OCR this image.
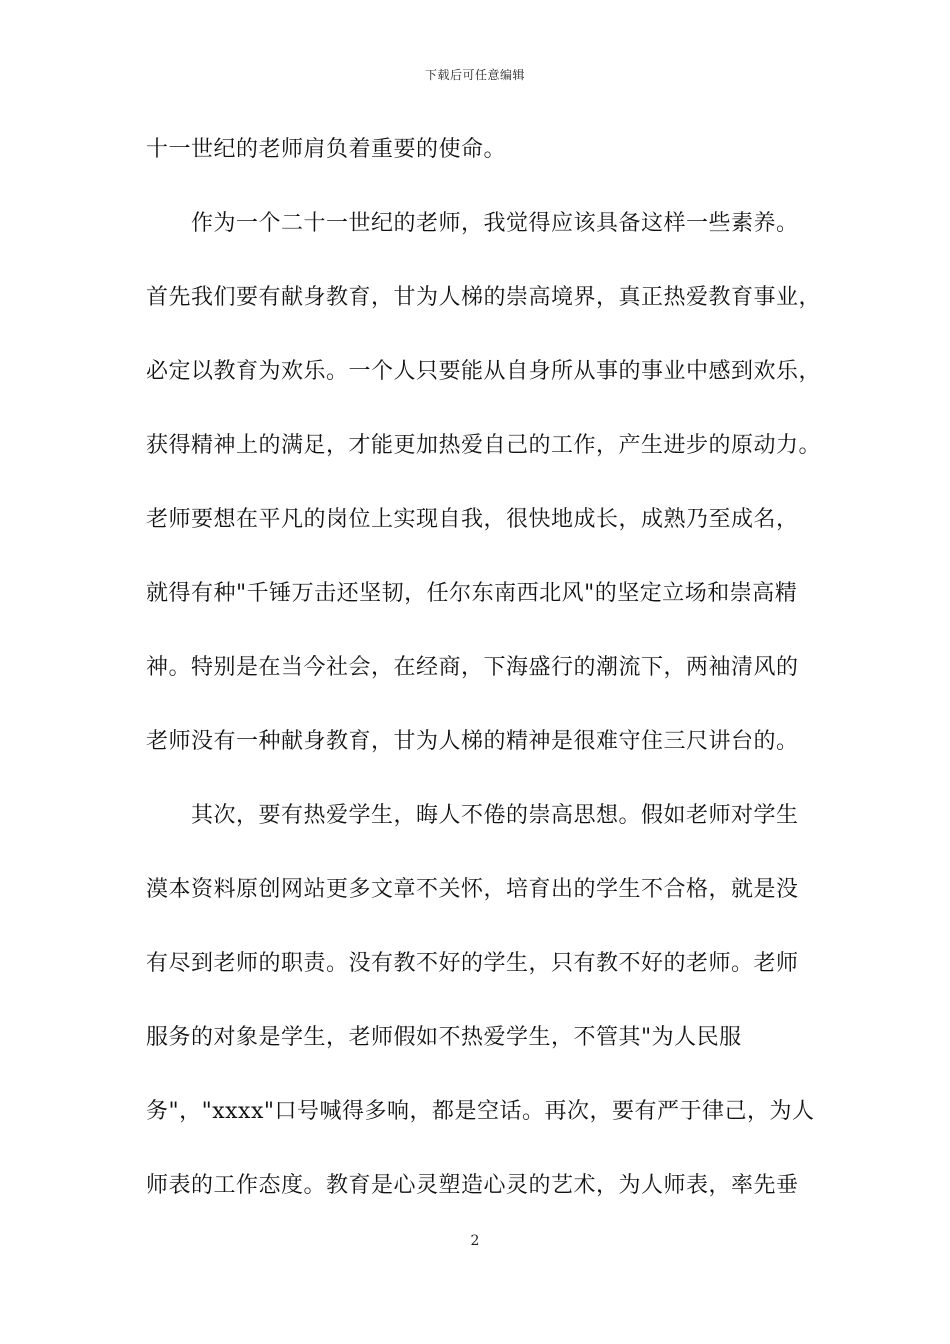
下载后可任意编辑
十一世纪的老师肩负着重要的使命。
　　作为一个二十一世纪的老师，我觉得应该具备这样一些素养。
首先我们要有献身教育，甘为人梯的崇高境界，真正热爱教育事业，
必定以教育为欢乐。一个人只要能从自身所从事的事业中感到欢乐，
获得精神上的满足，才能更加热爱自己的工作，产生进步的原动力。
老师要想在平凡的岗位上实现自我，很快地成长，成熟乃至成名，
就得有种"千锤万击还坚韧，任尔东南西北风"的坚定立场和崇高精
神。特别是在当今社会，在经商，下海盛行的潮流下，两袖清风的
老师没有一种献身教育，甘为人梯的精神是很难守住三尺讲台的。
　　其次，要有热爱学生，晦人不倦的崇高思想。假如老师对学生
漠本资料原创网站更多文章不关怀，培育出的学生不合格，就是没
有尽到老师的职责。没有教不好的学生，只有教不好的老师。老师
服务的对象是学生，老师假如不热爱学生，不管其"为人民服
务"，"xxxx"口号喊得多响，都是空话。再次，要有严于律己，为人
师表的工作态度。教育是心灵塑造心灵的艺术，为人师表，率先垂
2
